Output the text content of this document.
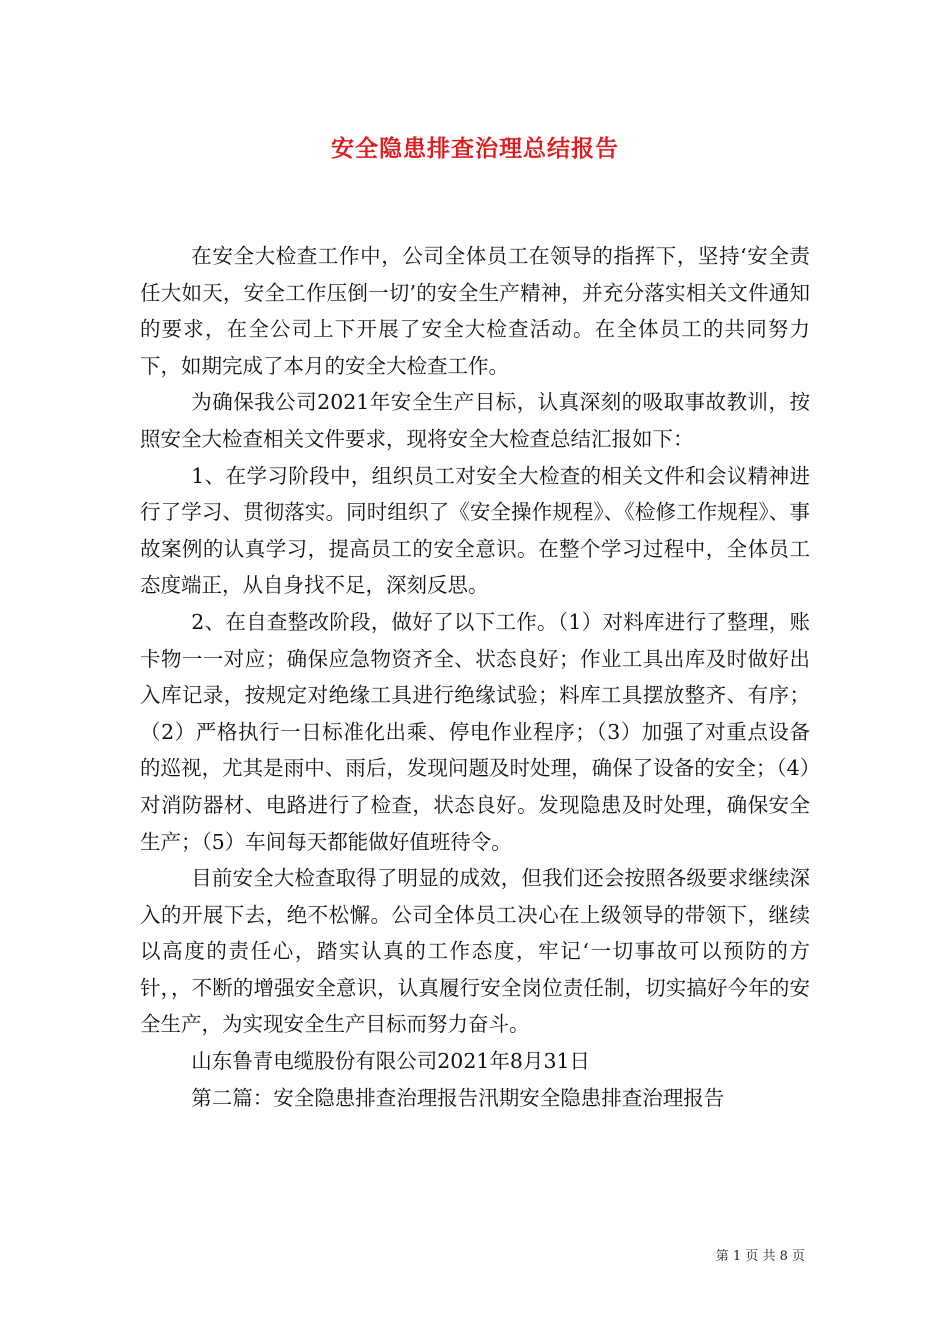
安全隐患排查治理总结报告

在安全大检查工作中，公司全体员工在领导的指挥下，坚持‘安全责任大如天，安全工作压倒一切’的安全生产精神，并充分落实相关文件通知的要求，在全公司上下开展了安全大检查活动。在全体员工的共同努力下，如期完成了本月的安全大检查工作。

为确保我公司2021年安全生产目标，认真深刻的吸取事故教训，按照安全大检查相关文件要求，现将安全大检查总结汇报如下：

1、在学习阶段中，组织员工对安全大检查的相关文件和会议精神进行了学习、贯彻落实。同时组织了《安全操作规程》、《检修工作规程》、事故案例的认真学习，提高员工的安全意识。在整个学习过程中，全体员工态度端正，从自身找不足，深刻反思。

2、在自查整改阶段，做好了以下工作。（1）对料库进行了整理，账卡物一一对应；确保应急物资齐全、状态良好；作业工具出库及时做好出入库记录，按规定对绝缘工具进行绝缘试验；料库工具摆放整齐、有序；（2）严格执行一日标准化出乘、停电作业程序；（3）加强了对重点设备的巡视，尤其是雨中、雨后，发现问题及时处理，确保了设备的安全；（4）对消防器材、电路进行了检查，状态良好。发现隐患及时处理，确保安全生产；（5）车间每天都能做好值班待令。

目前安全大检查取得了明显的成效，但我们还会按照各级要求继续深入的开展下去，绝不松懈。公司全体员工决心在上级领导的带领下，继续以高度的责任心，踏实认真的工作态度，牢记‘一切事故可以预防的方针，，不断的增强安全意识，认真履行安全岗位责任制，切实搞好今年的安全生产，为实现安全生产目标而努力奋斗。

山东鲁青电缆股份有限公司2021年8月31日

第二篇：安全隐患排查治理报告汛期安全隐患排查治理报告

第 1 页 共 8 页
